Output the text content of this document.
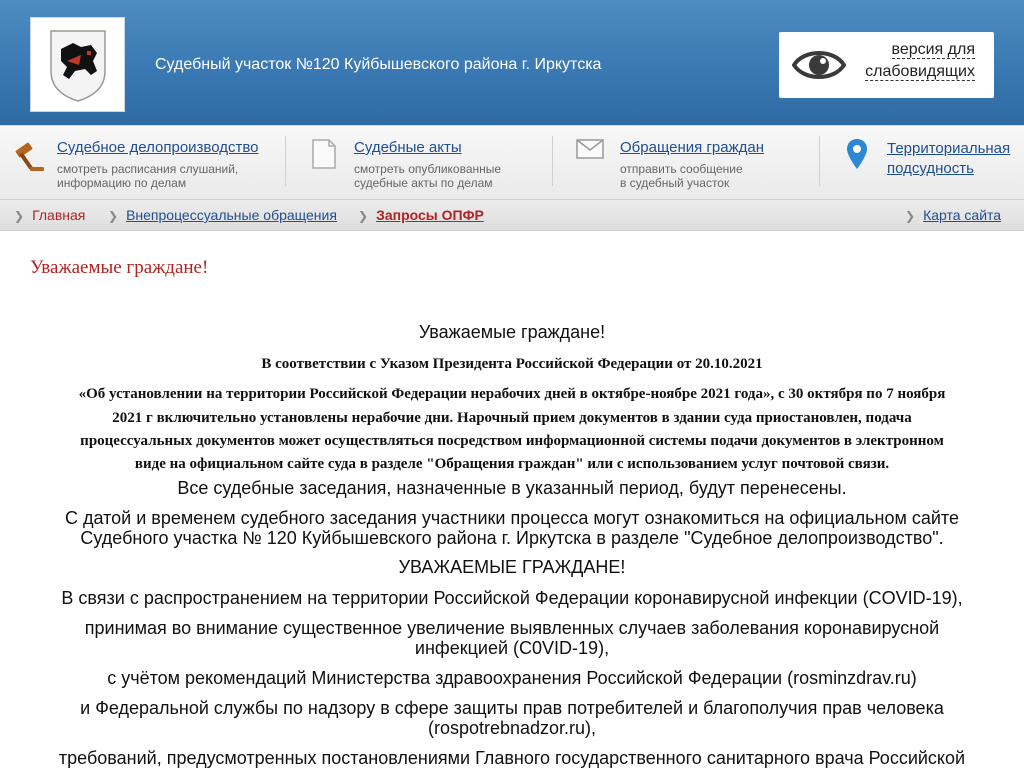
Судебный участок №120 Куйбышевского района г. Иркутска
версия для
слабовидящих
Судебное делопроизводство
смотреть расписания слушаний,
информацию по делам
Судебные акты
смотреть опубликованные
судебные акты по делам
Обращения граждан
отправить сообщение
в судебный участок
Территориальная
подсудность
❯ Главная ❯ Внепроцессуальные обращения ❯ Запросы ОПФР	❯ Карта сайта
Уважаемые граждане!
Уважаемые граждане!
В соответствии с Указом Президента Российской Федерации от 20.10.2021
«Об установлении на территории Российской Федерации нерабочих дней в октябре-ноябре 2021 года», с 30 октября по 7 ноября
2021 г включительно установлены нерабочие дни. Нарочный прием документов в здании суда приостановлен, подача
процессуальных документов может осуществляться посредством информационной системы подачи документов в электронном
виде на официальном сайте суда в разделе "Обращения граждан" или с использованием услуг почтовой связи.
Все судебные заседания, назначенные в указанный период, будут перенесены.
С датой и временем судебного заседания участники процесса могут ознакомиться на официальном сайте
Судебного участка № 120 Куйбышевского района г. Иркутска в разделе "Судебное делопроизводство".
УВАЖАЕМЫЕ ГРАЖДАНЕ!
В связи с распространением на территории Российской Федерации коронавирусной инфекции (COVID-19),
принимая во внимание существенное увеличение выявленных случаев заболевания коронавирусной
инфекцией (C0VID-19),
с учётом рекомендаций Министерства здравоохранения Российской Федерации (rosminzdrav.ru)
и Федеральной службы по надзору в сфере защиты прав потребителей и благополучия прав человека
(rospotrebnadzor.ru),
требований, предусмотренных постановлениями Главного государственного санитарного врача Российской
